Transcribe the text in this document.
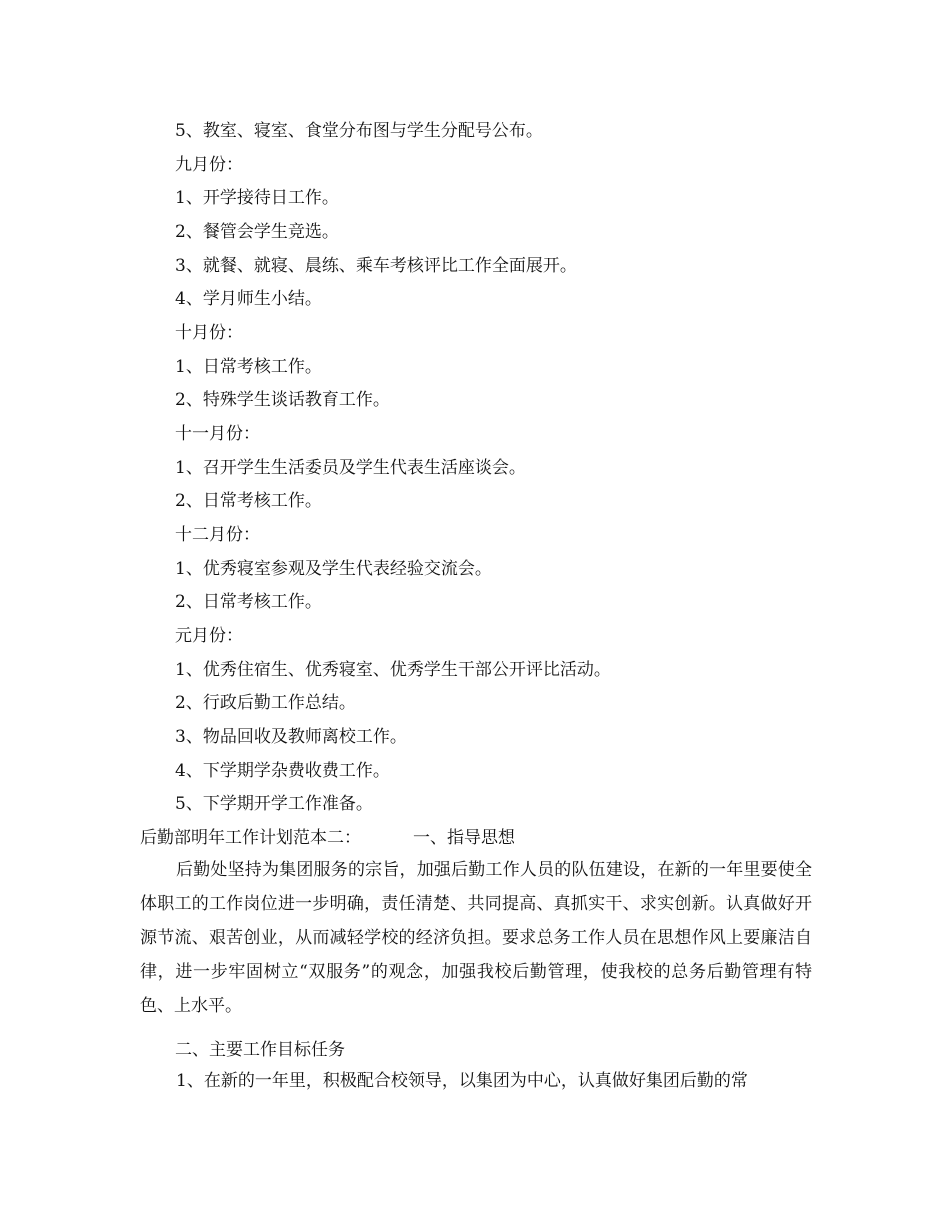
5、教室、寝室、食堂分布图与学生分配号公布。
九月份：
1、开学接待日工作。
2、餐管会学生竞选。
3、就餐、就寝、晨练、乘车考核评比工作全面展开。
4、学月师生小结。
十月份：
1、日常考核工作。
2、特殊学生谈话教育工作。
十一月份：
1、召开学生生活委员及学生代表生活座谈会。
2、日常考核工作。
十二月份：
1、优秀寝室参观及学生代表经验交流会。
2、日常考核工作。
元月份：
1、优秀住宿生、优秀寝室、优秀学生干部公开评比活动。
2、行政后勤工作总结。
3、物品回收及教师离校工作。
4、下学期学杂费收费工作。
5、下学期开学工作准备。
后勤部明年工作计划范本二：	一、指导思想
后勤处坚持为集团服务的宗旨，加强后勤工作人员的队伍建设，在新的一年里要使全体职工的工作岗位进一步明确，责任清楚、共同提高、真抓实干、求实创新。认真做好开源节流、艰苦创业，从而减轻学校的经济负担。要求总务工作人员在思想作风上要廉洁自律，进一步牢固树立“双服务”的观念，加强我校后勤管理，使我校的总务后勤管理有特色、上水平。
二、主要工作目标任务
1、在新的一年里，积极配合校领导，以集团为中心，认真做好集团后勤的常
